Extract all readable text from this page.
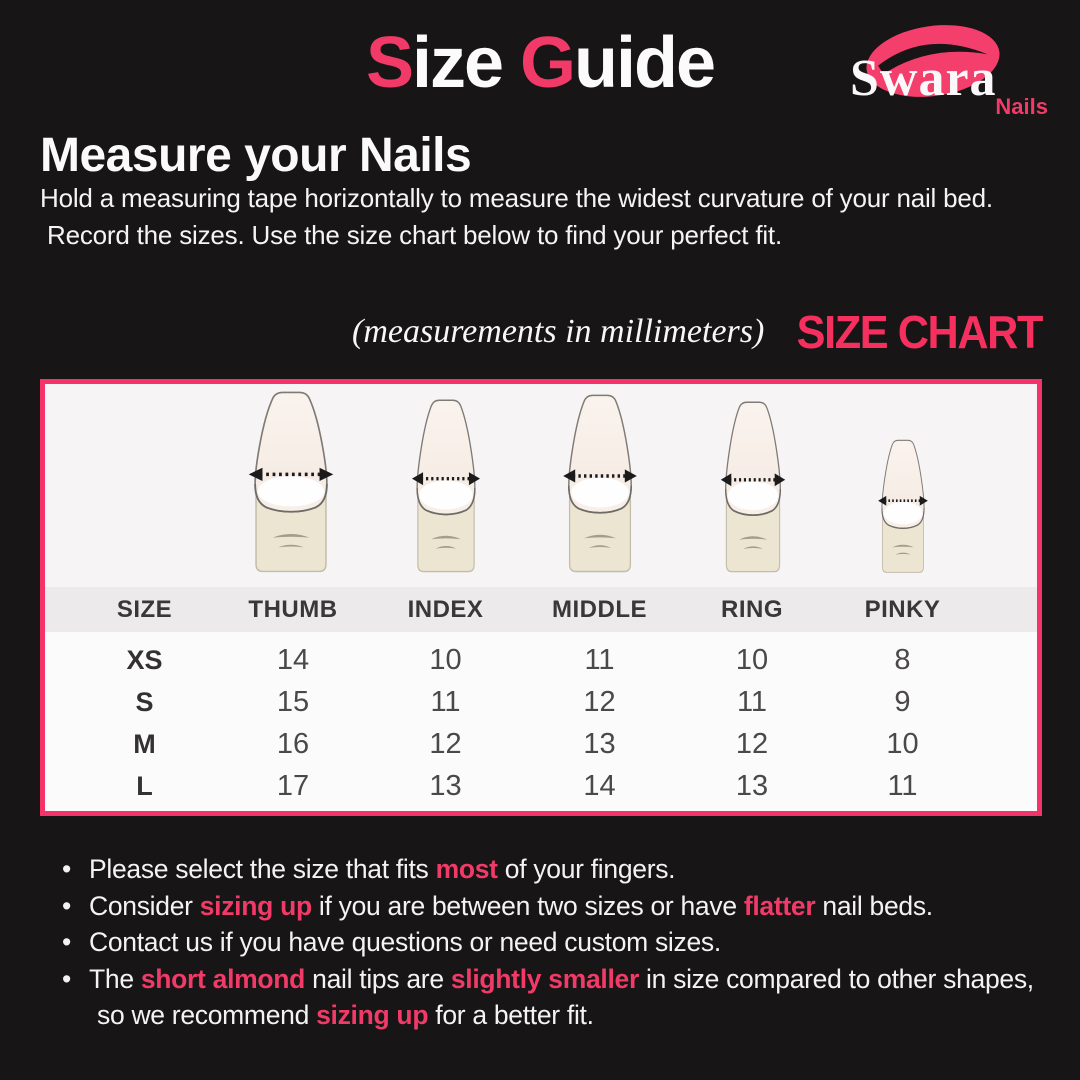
Size Guide	Swara
Nails
Measure your Nails

Hold a measuring tape horizontally to measure the widest curvature of your nail bed.
Record the sizes. Use the size chart below to find your perfect fit.

(measurements in millimeters) SIZE CHART
SIZE	THUMB	INDEX	MIDDLE	RING	PINKY
XS	14	10	11	10	8
S	15	11	12	11	9
M	16	12	13	12	10
L	17	13	14	13	11
• Please select the size that fits most of your fingers.
• Consider sizing up if you are between two sizes or have flatter nail beds.
• Contact us if you have questions or need custom sizes.
• The short almond nail tips are slightly smaller in size compared to other shapes,
so we recommend sizing up for a better fit.
